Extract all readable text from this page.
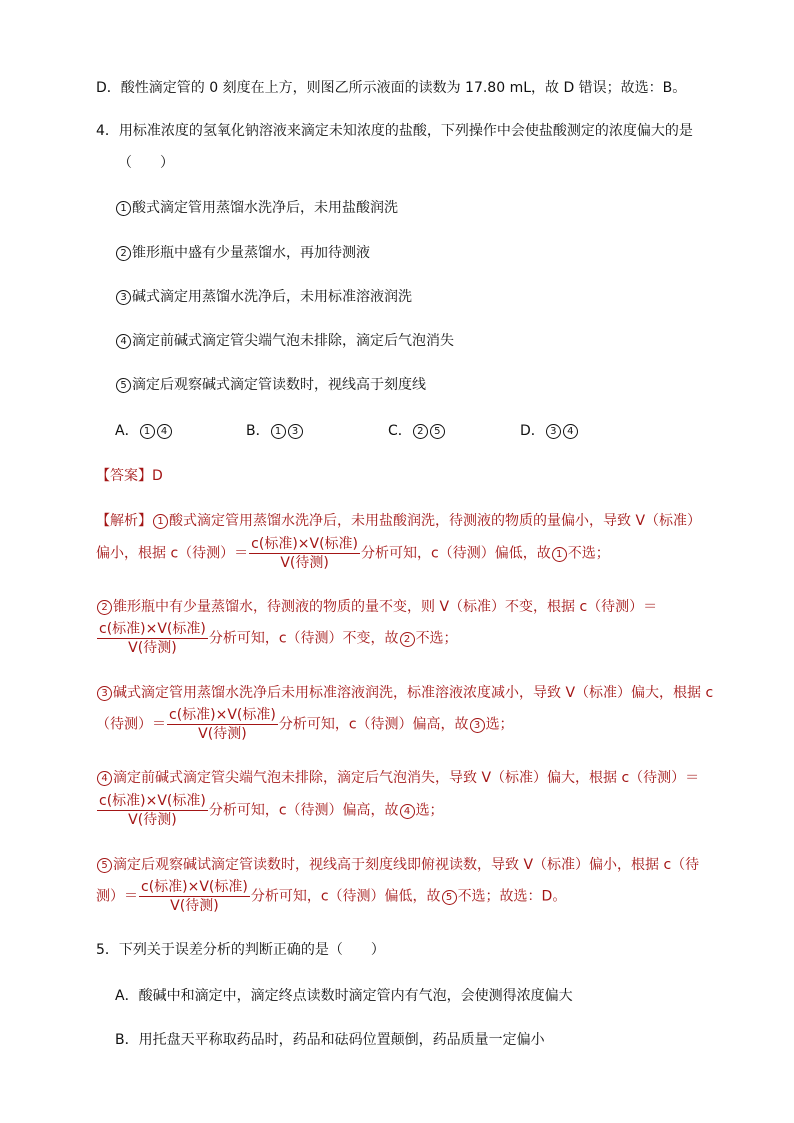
D．酸性滴定管的 0 刻度在上方，则图乙所示液面的读数为 17.80 mL，故 D 错误；故选：B。
4．用标准浓度的氢氧化钠溶液来滴定未知浓度的盐酸，下列操作中会使盐酸测定的浓度偏大的是
（　　）
1 酸式滴定管用蒸馏水洗净后，未用盐酸润洗
2 锥形瓶中盛有少量蒸馏水，再加待测液
3 碱式滴定用蒸馏水洗净后，未用标准溶液润洗
4 滴定前碱式滴定管尖端气泡未排除，滴定后气泡消失
5 滴定后观察碱式滴定管读数时，视线高于刻度线
A． 1 4	B． 1 3	C． 2 5	D． 3 4
【答案】D
【解析】 1 酸式滴定管用蒸馏水洗净后，未用盐酸润洗，待测液的物质的量偏小，导致 V（标准）
偏小，根据 c（待测）＝ $\frac{\text{c(标准)×V(标准)}}{\text{V(待测)}}$ 分析可知，c（待测）偏低，故 1 不选；
2 锥形瓶中有少量蒸馏水，待测液的物质的量不变，则 V（标准）不变，根据 c（待测）＝
$\frac{\text{c(标准)×V(标准)}}{\text{V(待测)}}$ 分析可知，c（待测）不变，故 2 不选；
3 碱式滴定管用蒸馏水洗净后未用标准溶液润洗，标准溶液浓度减小，导致 V（标准）偏大，根据 c
（待测）＝ $\frac{\text{c(标准)×V(标准)}}{\text{V(待测)}}$ 分析可知，c（待测）偏高，故 3 选；
4 滴定前碱式滴定管尖端气泡未排除，滴定后气泡消失，导致 V（标准）偏大，根据 c（待测）＝
$\frac{\text{c(标准)×V(标准)}}{\text{V(待测)}}$ 分析可知，c（待测）偏高，故 4 选；
5 滴定后观察碱试滴定管读数时，视线高于刻度线即俯视读数，导致 V（标准）偏小，根据 c（待
测）＝ $\frac{\text{c(标准)×V(标准)}}{\text{V(待测)}}$ 分析可知，c（待测）偏低，故 5 不选；故选：D。
5．下列关于误差分析的判断正确的是（　　）
A．酸碱中和滴定中，滴定终点读数时滴定管内有气泡，会使测得浓度偏大
B．用托盘天平称取药品时，药品和砝码位置颠倒，药品质量一定偏小
